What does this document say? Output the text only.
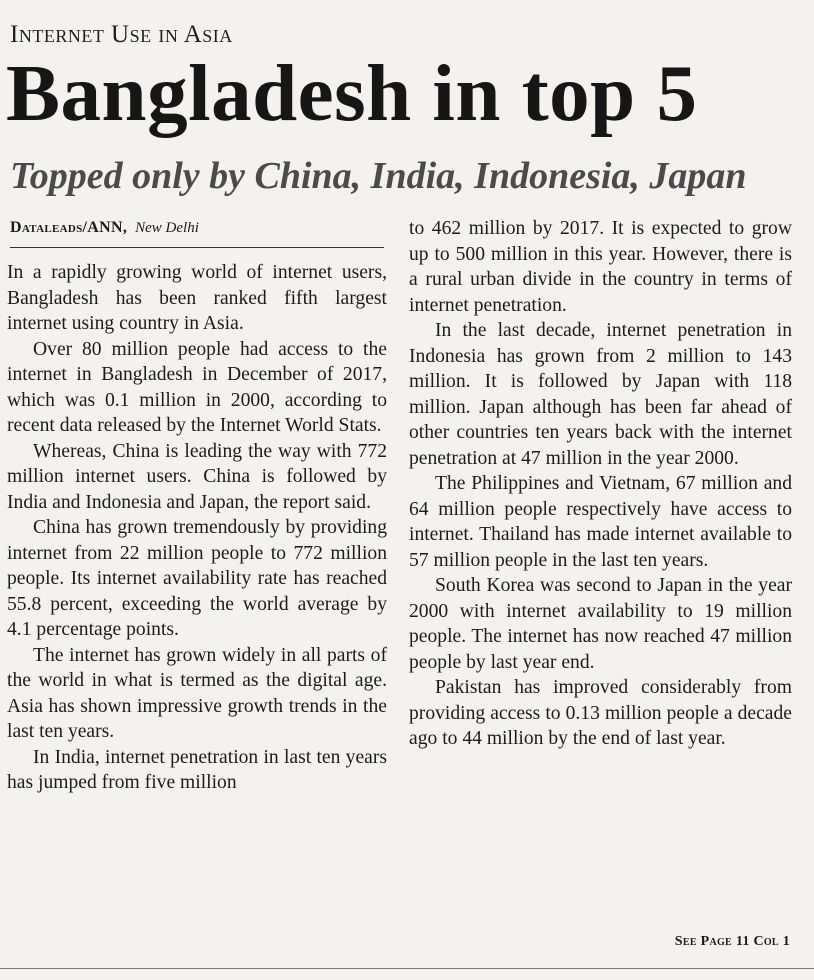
Internet Use in Asia
Bangladesh in top 5
Topped only by China, India, Indonesia, Japan
Dataleads/ANN, New Delhi

In a rapidly growing world of internet users, Bangladesh has been ranked fifth largest internet using country in Asia.

Over 80 million people had access to the internet in Bangladesh in December of 2017, which was 0.1 million in 2000, according to recent data released by the Internet World Stats.

Whereas, China is leading the way with 772 million internet users. China is followed by India and Indonesia and Japan, the report said.

China has grown tremendously by providing internet from 22 million people to 772 million people. Its internet availability rate has reached 55.8 percent, exceeding the world average by 4.1 percentage points.

The internet has grown widely in all parts of the world in what is termed as the digital age. Asia has shown impressive growth trends in the last ten years.

In India, internet penetration in last ten years has jumped from five million

to 462 million by 2017. It is expected to grow up to 500 million in this year. However, there is a rural urban divide in the country in terms of internet penetration.

In the last decade, internet penetration in Indonesia has grown from 2 million to 143 million. It is followed by Japan with 118 million. Japan although has been far ahead of other countries ten years back with the internet penetration at 47 million in the year 2000.

The Philippines and Vietnam, 67 million and 64 million people respectively have access to internet. Thailand has made internet available to 57 million people in the last ten years.

South Korea was second to Japan in the year 2000 with internet availability to 19 million people. The internet has now reached 47 million people by last year end.

Pakistan has improved considerably from providing access to 0.13 million people a decade ago to 44 million by the end of last year.

See Page 11 Col 1
